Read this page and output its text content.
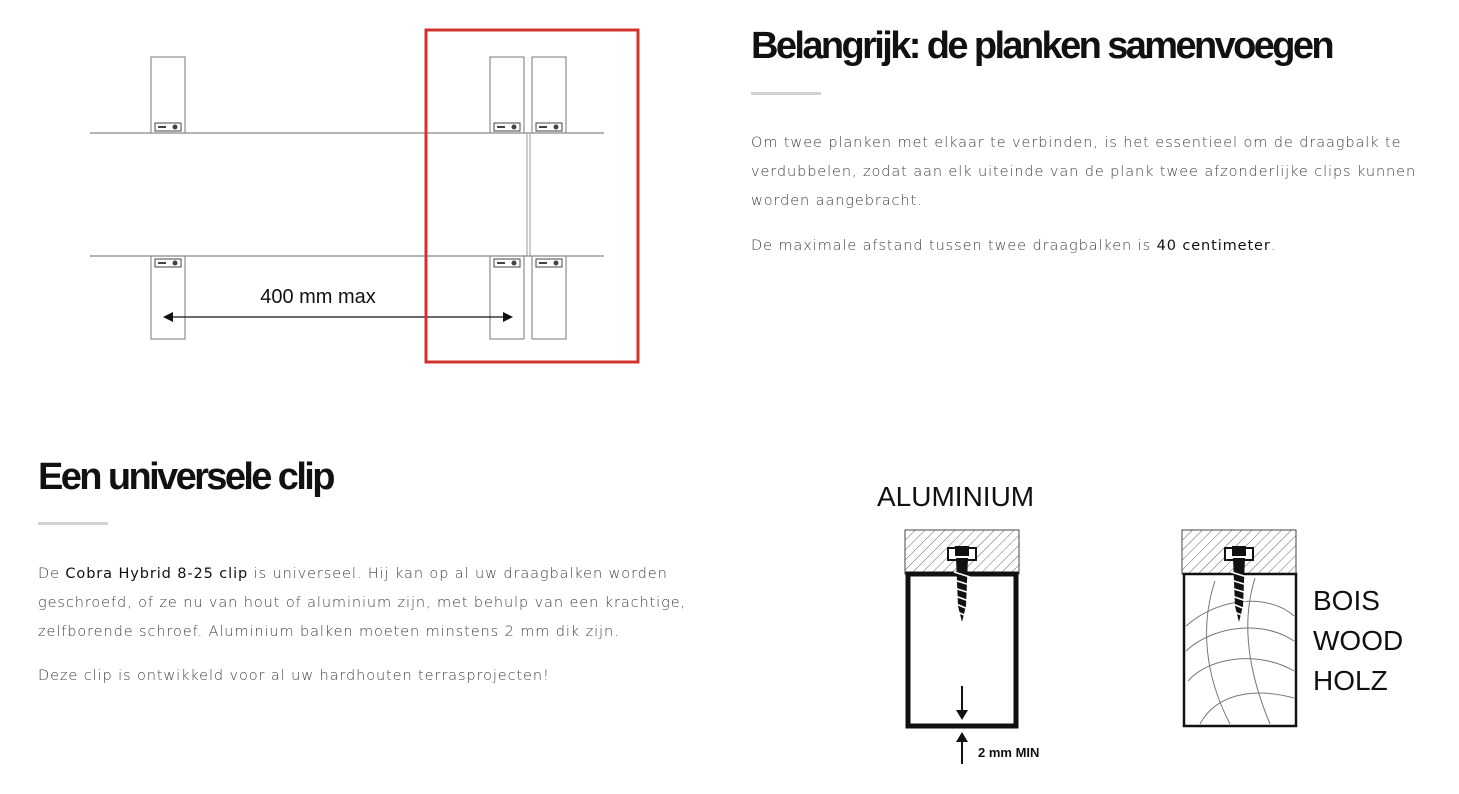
400 mm max
Belangrijk: de planken samenvoegen

Om twee planken met elkaar te verbinden, is het essentieel om de draagbalk te verdubbelen, zodat aan elk uiteinde van de plank twee afzonderlijke clips kunnen worden aangebracht.

De maximale afstand tussen twee draagbalken is 40 centimeter.

Een universele clip

De Cobra Hybrid 8-25 clip is universeel. Hij kan op al uw draagbalken worden geschroefd, of ze nu van hout of aluminium zijn, met behulp van een krachtige, zelfborende schroef. Aluminium balken moeten minstens 2 mm dik zijn.

Deze clip is ontwikkeld voor al uw hardhouten terrasprojecten!

ALUMINIUM
2 mm MIN
BOIS
WOOD
HOLZ
